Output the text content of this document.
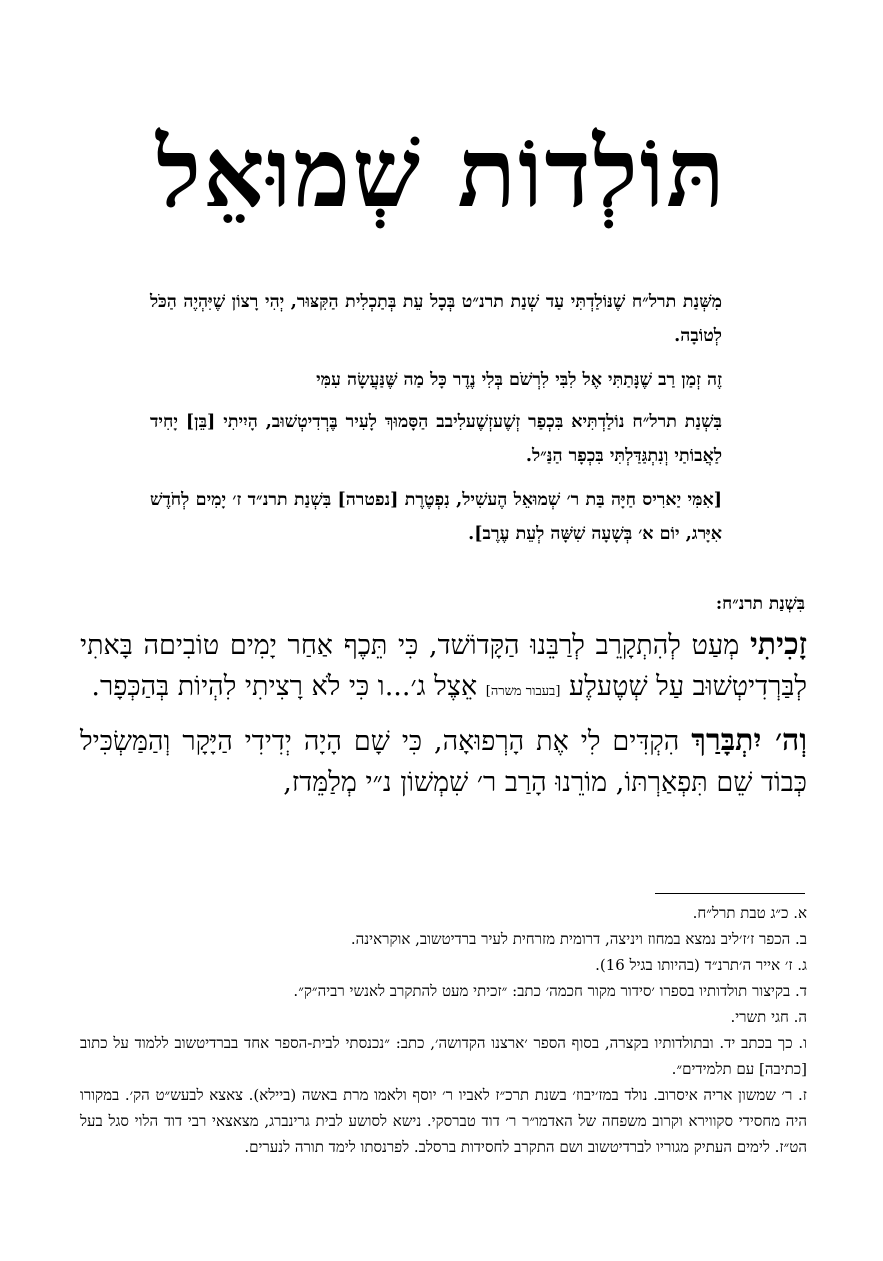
תּוֹלְדוֹת שְׁמוּאֵל

מִשְּׁנַת תרל״ח שֶׁנּוֹלַדְתִּי עַד שְׁנַת תרנ״ט בְּכָל עֵת בְּתַכְלִית הַקִּצּוּר, יְהִי רָצוֹן שֶׁיִּהְיֶה הַכֹּל לְטוֹבָה.

זֶה זְמַן רַב שֶׁנָּתַתִּי אֶל לִבִּי לִרְשֹׁם בְּלִי נֶדֶר כָּל מַה שֶּׁנַּעֲשָׂה עִמִּי

בִּשְׁנַת תרל״ח נוֹלַדְתִּיא בִּכְפַר זְשֶׁעזְשֶׁעלִיבב הַסָּמוּךְ לָעִיר בֶּרְדִיטְשׁוּב, הָיִיתִי [בֵּן] יָחִיד לַאֲבוֹתַי וְנִתְגַּדַּלְתִּי בִּכְפָר הַנַּ״ל.

[אִמִּי יַארִיס חַיָּה בַּת ר׳ שְׁמוּאֵל הֶעשִׁיל, נִפְטֶרֶת [נפטרה] בִּשְׁנַת תרנ״ד ז׳ יָמִים לְחֹדֶשׁ אִיָּרג, יוֹם א׳ בְּשָׁעָה שִׁשָּׁה לְעֵת עֶרֶב].

בִּשְׁנַת תרנ״ח:

זָכִיתִי מְעַט לְהִתְקָרֵב לְרַבֵּנוּ הַקָּדוֹשׁד, כִּי תֵּכֶף אַחַר יָמִים טוֹבִיםה בָּאתִי לְבַּרְדִיטְשׁוּב עַל שְׁטֶעלֶע [בעבור משרה] אֵצֶל ג׳...ו כִּי לֹא רָצִיתִי לִהְיוֹת בְּהַכְּפָר.

וְה׳ יִתְבָּרַךְ הִקְדִּים לִי אֶת הָרְפוּאָה, כִּי שָׁם הָיָה יְדִידִי הַיָּקָר וְהַמַּשְׂכִּיל כְּבוֹד שֵׁם תִּפְאַרְתּוֹ, מוֹרֵנוּ הָרַב ר׳ שִׁמְשׁוֹן נ״י מְלַמֵּדז,

א. כ״ג טבת תרל״ח.

ב. הכפר ז׳ז׳ליב נמצא במחוז ויניצה, דרומית מזרחית לעיר ברדיטשוב, אוקראינה.

ג. ז׳ אייר ה׳תרנ״ד (בהיותו בגיל 16).

ד. בקיצור תולדותיו בספרו ׳סידור מקור חכמה׳ כתב: ״זכיתי מעט להתקרב לאנשי רביה״ק״.

ה. חגי תשרי.

ו. כך בכתב יד. ובתולדותיו בקצרה, בסוף הספר ׳ארצנו הקדושה׳, כתב: ״נכנסתי לבית-הספר אחד בברדיטשוב ללמוד על כתוב [כתיבה] עם תלמידים״.

ז. ר׳ שמשון אריה איסרוב. נולד במז׳יבוז׳ בשנת תרכ״ז לאביו ר׳ יוסף ולאמו מרת באשה (ביילא). צאצא לבעש״ט הק׳. במקורו היה מחסידי סקווירא וקרוב משפחה של האדמו״ר ר׳ דוד טברסקי. נישא לסושע לבית גרינברג, מצאצאי רבי דוד הלוי סגל בעל הט״ז. לימים העתיק מגוריו לברדיטשוב ושם התקרב לחסידות ברסלב. לפרנסתו לימד תורה לנערים.
